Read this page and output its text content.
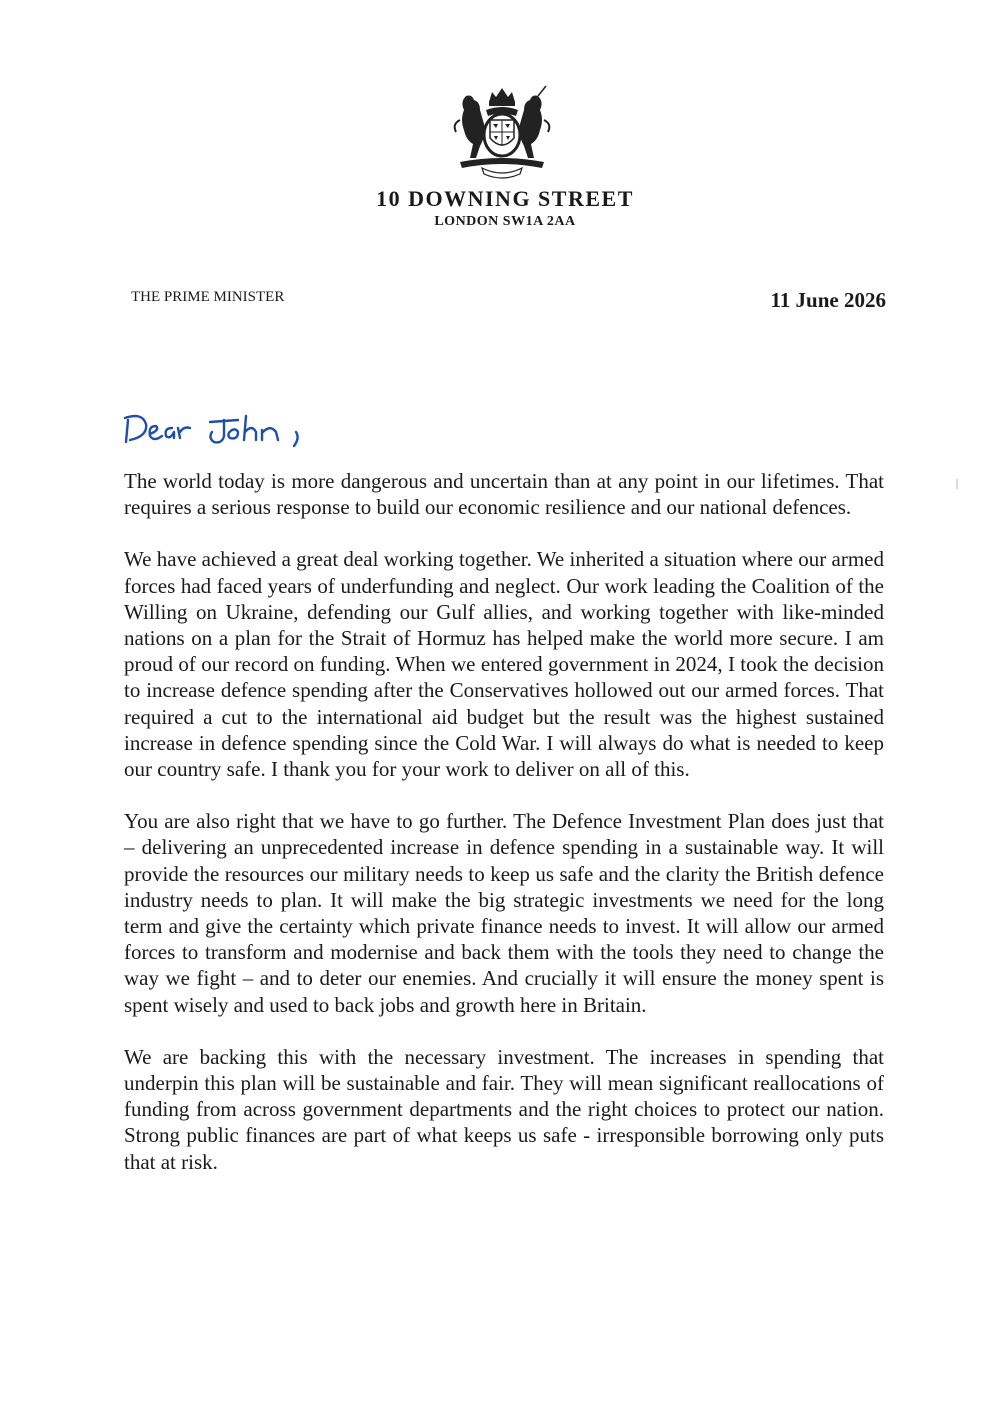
10 DOWNING STREET
LONDON SW1A 2AA
THE PRIME MINISTER	11 June 2026

The world today is more dangerous and uncertain than at any point in our lifetimes. That requires a serious response to build our economic resilience and our national defences.

We have achieved a great deal working together. We inherited a situation where our armed forces had faced years of underfunding and neglect. Our work leading the Coalition of the Willing on Ukraine, defending our Gulf allies, and working together with like-minded nations on a plan for the Strait of Hormuz has helped make the world more secure. I am proud of our record on funding. When we entered government in 2024, I took the decision to increase defence spending after the Conservatives hollowed out our armed forces. That required a cut to the international aid budget but the result was the highest sustained increase in defence spending since the Cold War. I will always do what is needed to keep our country safe. I thank you for your work to deliver on all of this.

You are also right that we have to go further. The Defence Investment Plan does just that – delivering an unprecedented increase in defence spending in a sustainable way. It will provide the resources our military needs to keep us safe and the clarity the British defence industry needs to plan. It will make the big strategic investments we need for the long term and give the certainty which private finance needs to invest. It will allow our armed forces to transform and modernise and back them with the tools they need to change the way we fight – and to deter our enemies. And crucially it will ensure the money spent is spent wisely and used to back jobs and growth here in Britain.

We are backing this with the necessary investment. The increases in spending that underpin this plan will be sustainable and fair. They will mean significant reallocations of funding from across government departments and the right choices to protect our nation. Strong public finances are part of what keeps us safe - irresponsible borrowing only puts that at risk.
